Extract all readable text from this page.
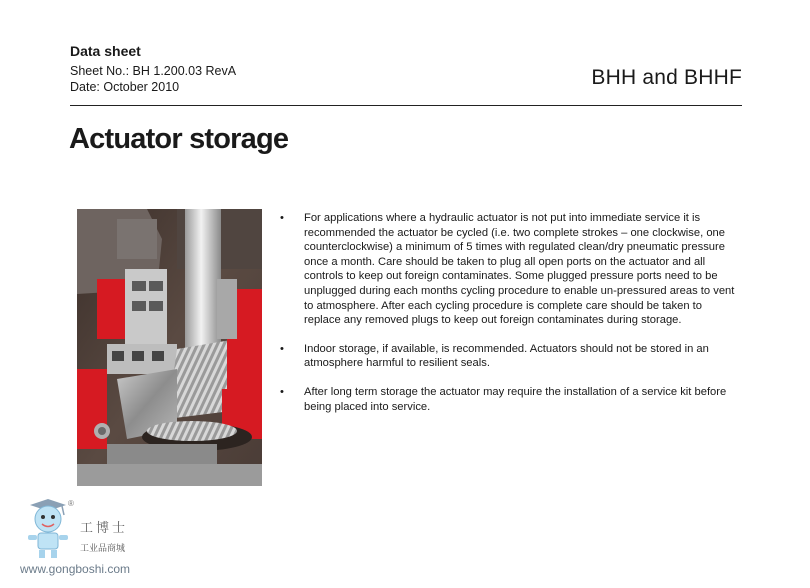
Data sheet
Sheet No.: BH 1.200.03 RevA
Date: October 2010	BHH and BHHF
Actuator storage
• For applications where a hydraulic actuator is not put into immediate service it is recommended the actuator be cycled (i.e. two complete strokes – one clockwise, one counterclockwise) a minimum of 5 times with regulated clean/dry pneumatic pressure once a month. Care should be taken to plug all open ports on the actuator and all controls to keep out foreign contaminates. Some plugged pressure ports need to be unplugged during each months cycling procedure to enable un-pressured areas to vent to atmosphere. After each cycling procedure is complete care should be taken to replace any removed plugs to keep out foreign contaminates during storage.
• Indoor storage, if available, is recommended. Actuators should not be stored in an atmosphere harmful to resilient seals.
• After long term storage the actuator may require the installation of a service kit before being placed into service.
®
工博士
工业品商城
www.gongboshi.com
